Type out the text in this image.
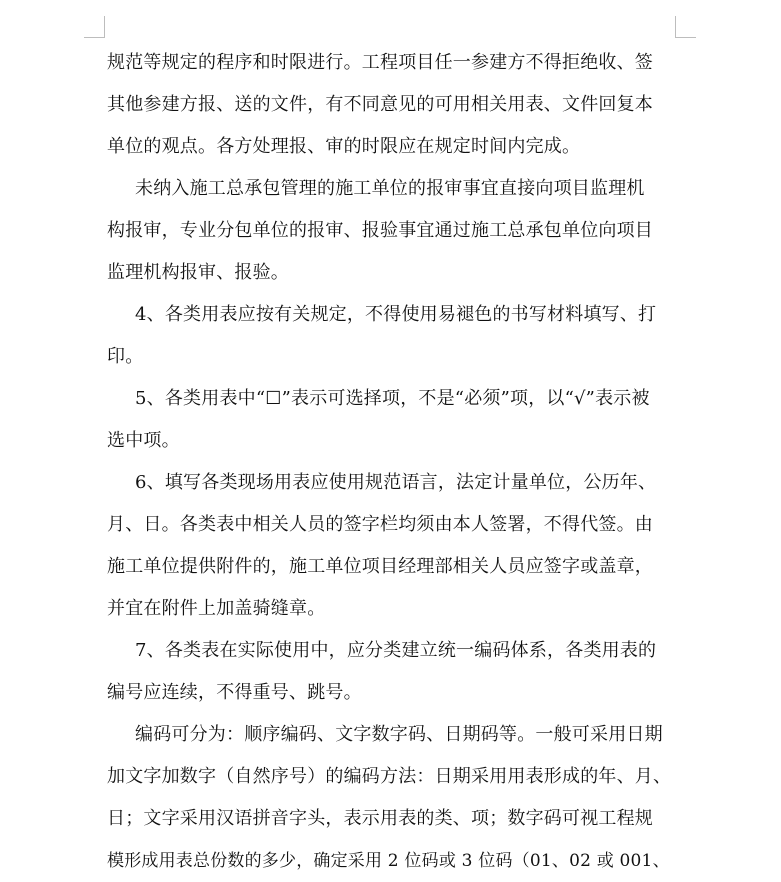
规范等规定的程序和时限进行。工程项目任一参建方不得拒绝收、签
其他参建方报、送的文件，有不同意见的可用相关用表、文件回复本
单位的观点。各方处理报、审的时限应在规定时间内完成。
未纳入施工总承包管理的施工单位的报审事宜直接向项目监理机
构报审，专业分包单位的报审、报验事宜通过施工总承包单位向项目
监理机构报审、报验。
4、各类用表应按有关规定，不得使用易褪色的书写材料填写、打
印。
5、各类用表中“☐”表示可选择项，不是“必须”项，以“√”表示被
选中项。
6、填写各类现场用表应使用规范语言，法定计量单位，公历年、
月、日。各类表中相关人员的签字栏均须由本人签署，不得代签。由
施工单位提供附件的，施工单位项目经理部相关人员应签字或盖章，
并宜在附件上加盖骑缝章。
7、各类表在实际使用中，应分类建立统一编码体系，各类用表的
编号应连续，不得重号、跳号。
编码可分为：顺序编码、文字数字码、日期码等。一般可采用日期
加文字加数字（自然序号）的编码方法：日期采用用表形成的年、月、
日；文字采用汉语拼音字头，表示用表的类、项；数字码可视工程规
模形成用表总份数的多少，确定采用 2 位码或 3 位码（01、02 或 001、
